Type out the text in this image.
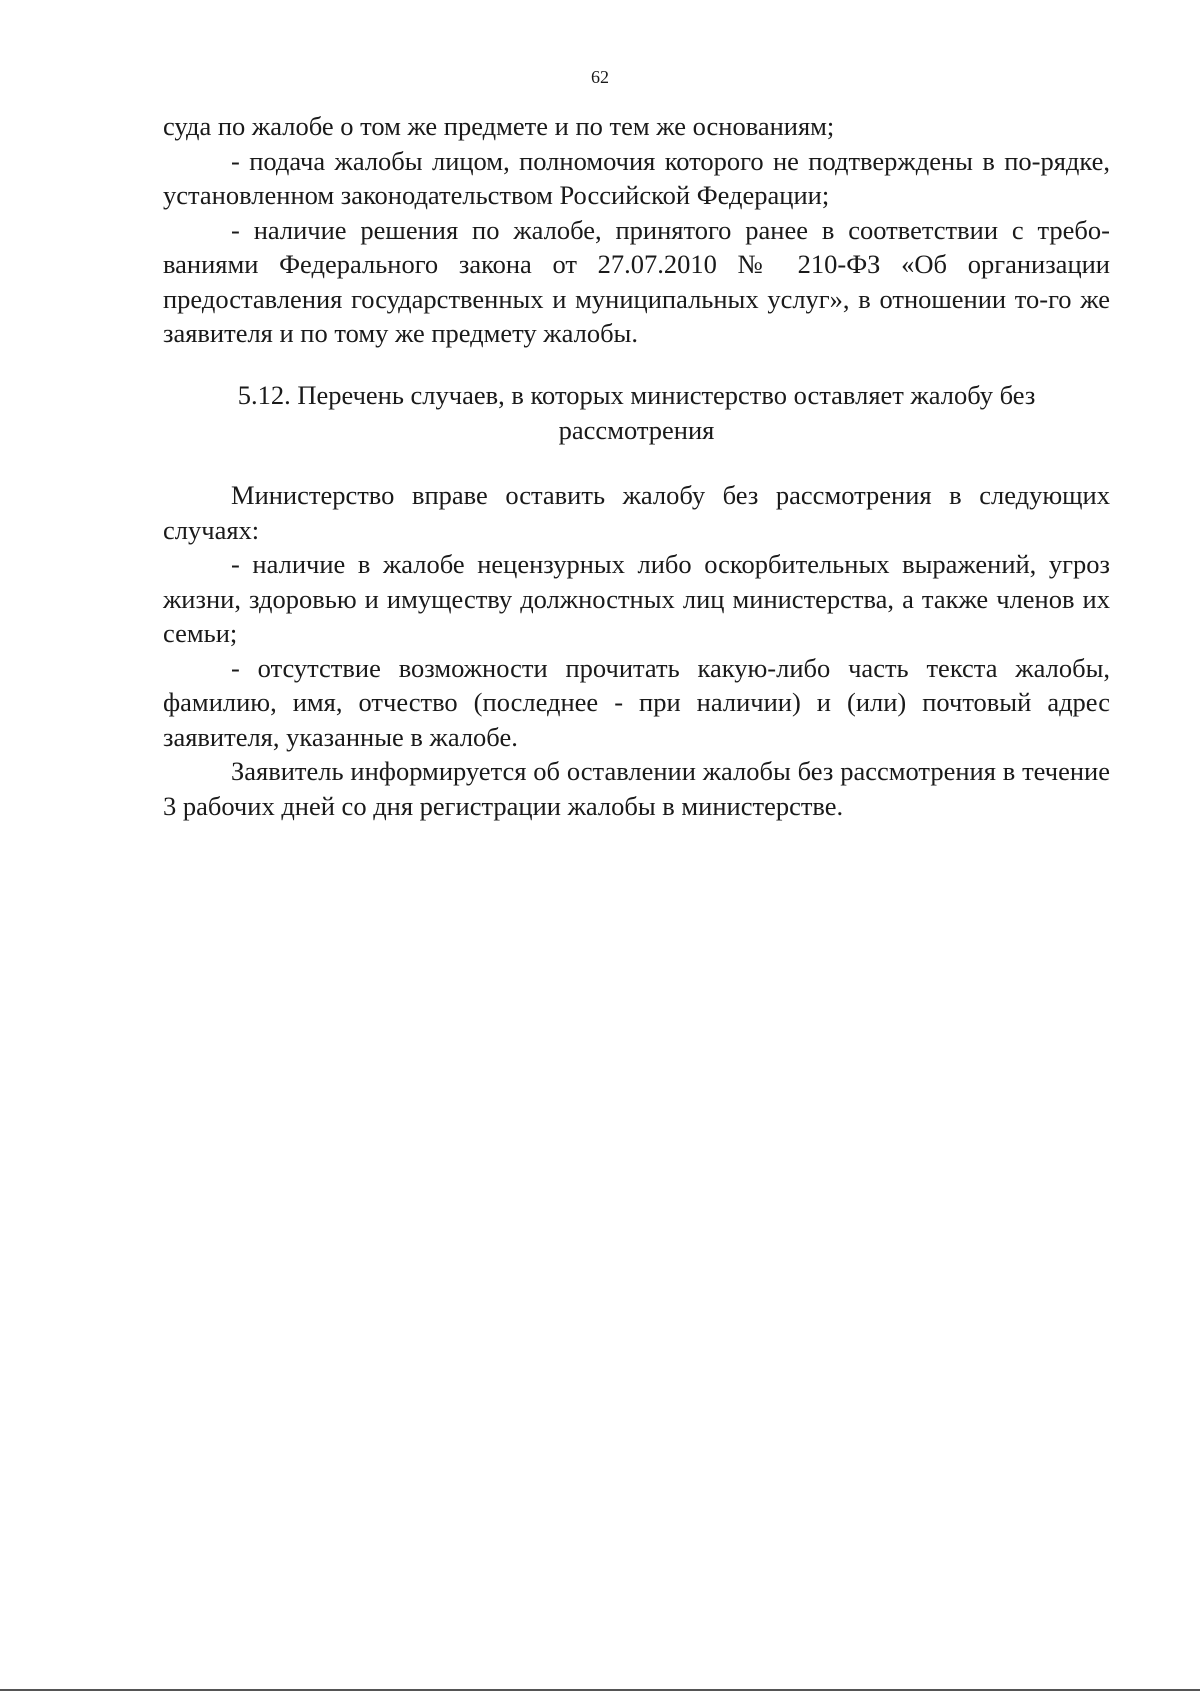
62

суда по жалобе о том же предмете и по тем же основаниям;

- подача жалобы лицом, полномочия которого не подтверждены в по-рядке, установленном законодательством Российской Федерации;

- наличие решения по жалобе, принятого ранее в соответствии с требо-ваниями Федерального закона от 27.07.2010 № 210-ФЗ «Об организации предоставления государственных и муниципальных услуг», в отношении то-го же заявителя и по тому же предмету жалобы.

5.12. Перечень случаев, в которых министерство оставляет жалобу без
рассмотрения

Министерство вправе оставить жалобу без рассмотрения в следующих случаях:

- наличие в жалобе нецензурных либо оскорбительных выражений, угроз жизни, здоровью и имуществу должностных лиц министерства, а также членов их семьи;

- отсутствие возможности прочитать какую-либо часть текста жалобы, фамилию, имя, отчество (последнее - при наличии) и (или) почтовый адрес заявителя, указанные в жалобе.

Заявитель информируется об оставлении жалобы без рассмотрения в течение 3 рабочих дней со дня регистрации жалобы в министерстве.
